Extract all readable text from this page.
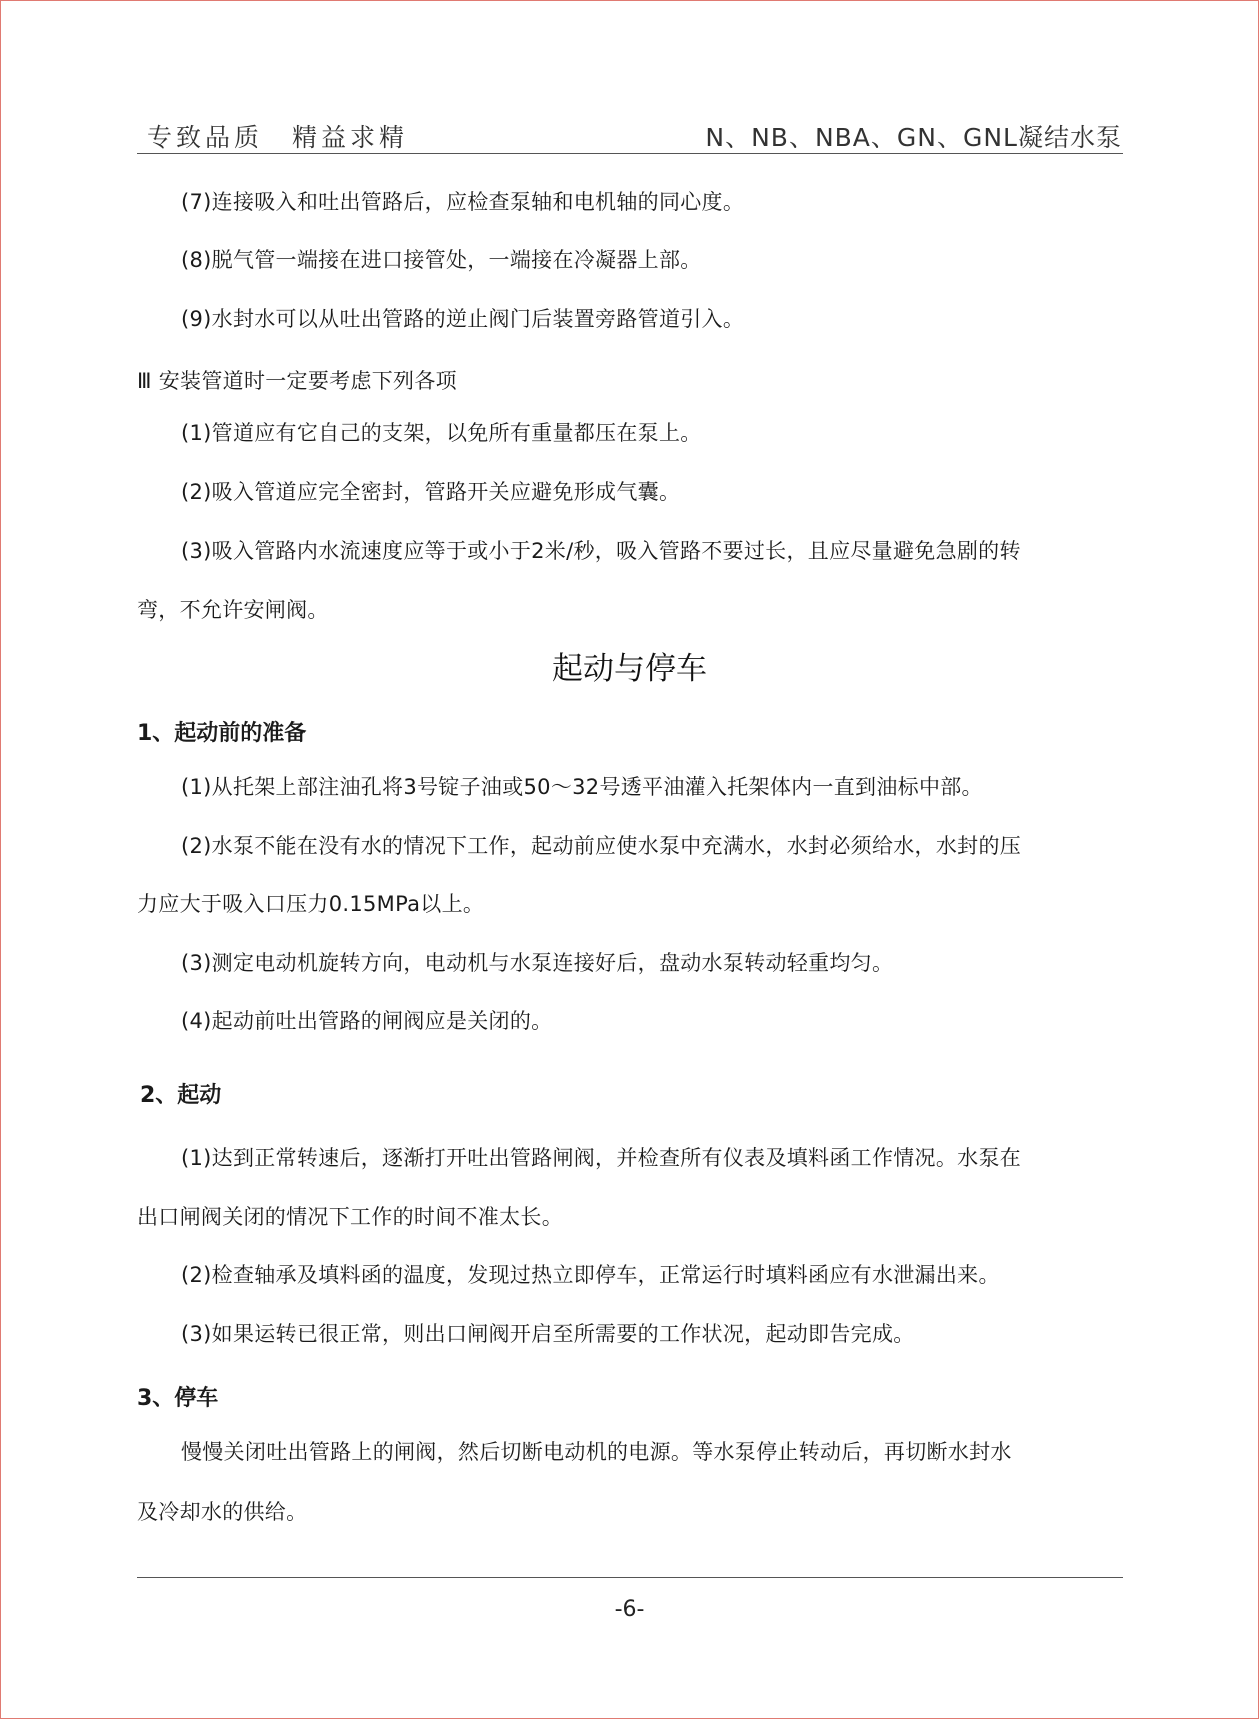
专致品质　精益求精	N、NB、NBA、GN、GNL凝结水泵
(7)连接吸入和吐出管路后，应检查泵轴和电机轴的同心度。
(8)脱气管一端接在进口接管处，一端接在冷凝器上部。
(9)水封水可以从吐出管路的逆止阀门后装置旁路管道引入。
Ⅲ 安装管道时一定要考虑下列各项
(1)管道应有它自己的支架，以免所有重量都压在泵上。
(2)吸入管道应完全密封，管路开关应避免形成气囊。
(3)吸入管路内水流速度应等于或小于2米/秒，吸入管路不要过长，且应尽量避免急剧的转
弯，不允许安闸阀。
起动与停车
1、起动前的准备
(1)从托架上部注油孔将3号锭子油或50～32号透平油灌入托架体内一直到油标中部。
(2)水泵不能在没有水的情况下工作，起动前应使水泵中充满水，水封必须给水，水封的压
力应大于吸入口压力0.15MPa以上。
(3)测定电动机旋转方向，电动机与水泵连接好后，盘动水泵转动轻重均匀。
(4)起动前吐出管路的闸阀应是关闭的。
2、起动
(1)达到正常转速后，逐渐打开吐出管路闸阀，并检查所有仪表及填料函工作情况。水泵在
出口闸阀关闭的情况下工作的时间不准太长。
(2)检查轴承及填料函的温度，发现过热立即停车，正常运行时填料函应有水泄漏出来。
(3)如果运转已很正常，则出口闸阀开启至所需要的工作状况，起动即告完成。
3、停车
慢慢关闭吐出管路上的闸阀，然后切断电动机的电源。等水泵停止转动后，再切断水封水
及冷却水的供给。
-6-
